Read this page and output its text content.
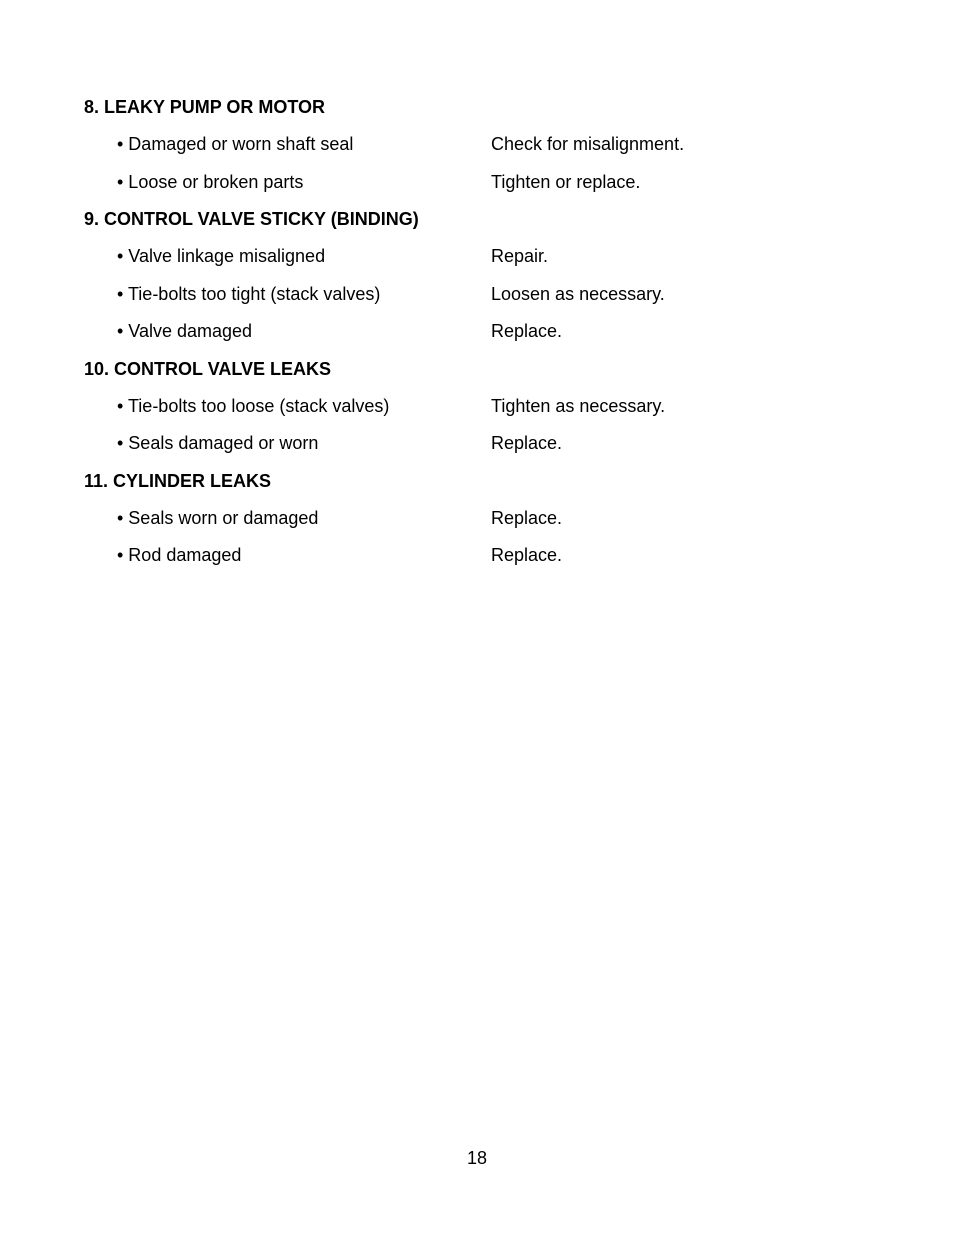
8. LEAKY PUMP OR MOTOR
• Damaged or worn shaft seal	Check for misalignment.
• Loose or broken parts	Tighten or replace.
9. CONTROL VALVE STICKY (BINDING)
• Valve linkage misaligned	Repair.
• Tie-bolts too tight (stack valves)	Loosen as necessary.
• Valve damaged	Replace.
10. CONTROL VALVE LEAKS
• Tie-bolts too loose (stack valves)	Tighten as necessary.
• Seals damaged or worn	Replace.
11. CYLINDER LEAKS
• Seals worn or damaged	Replace.
• Rod damaged	Replace.
18
